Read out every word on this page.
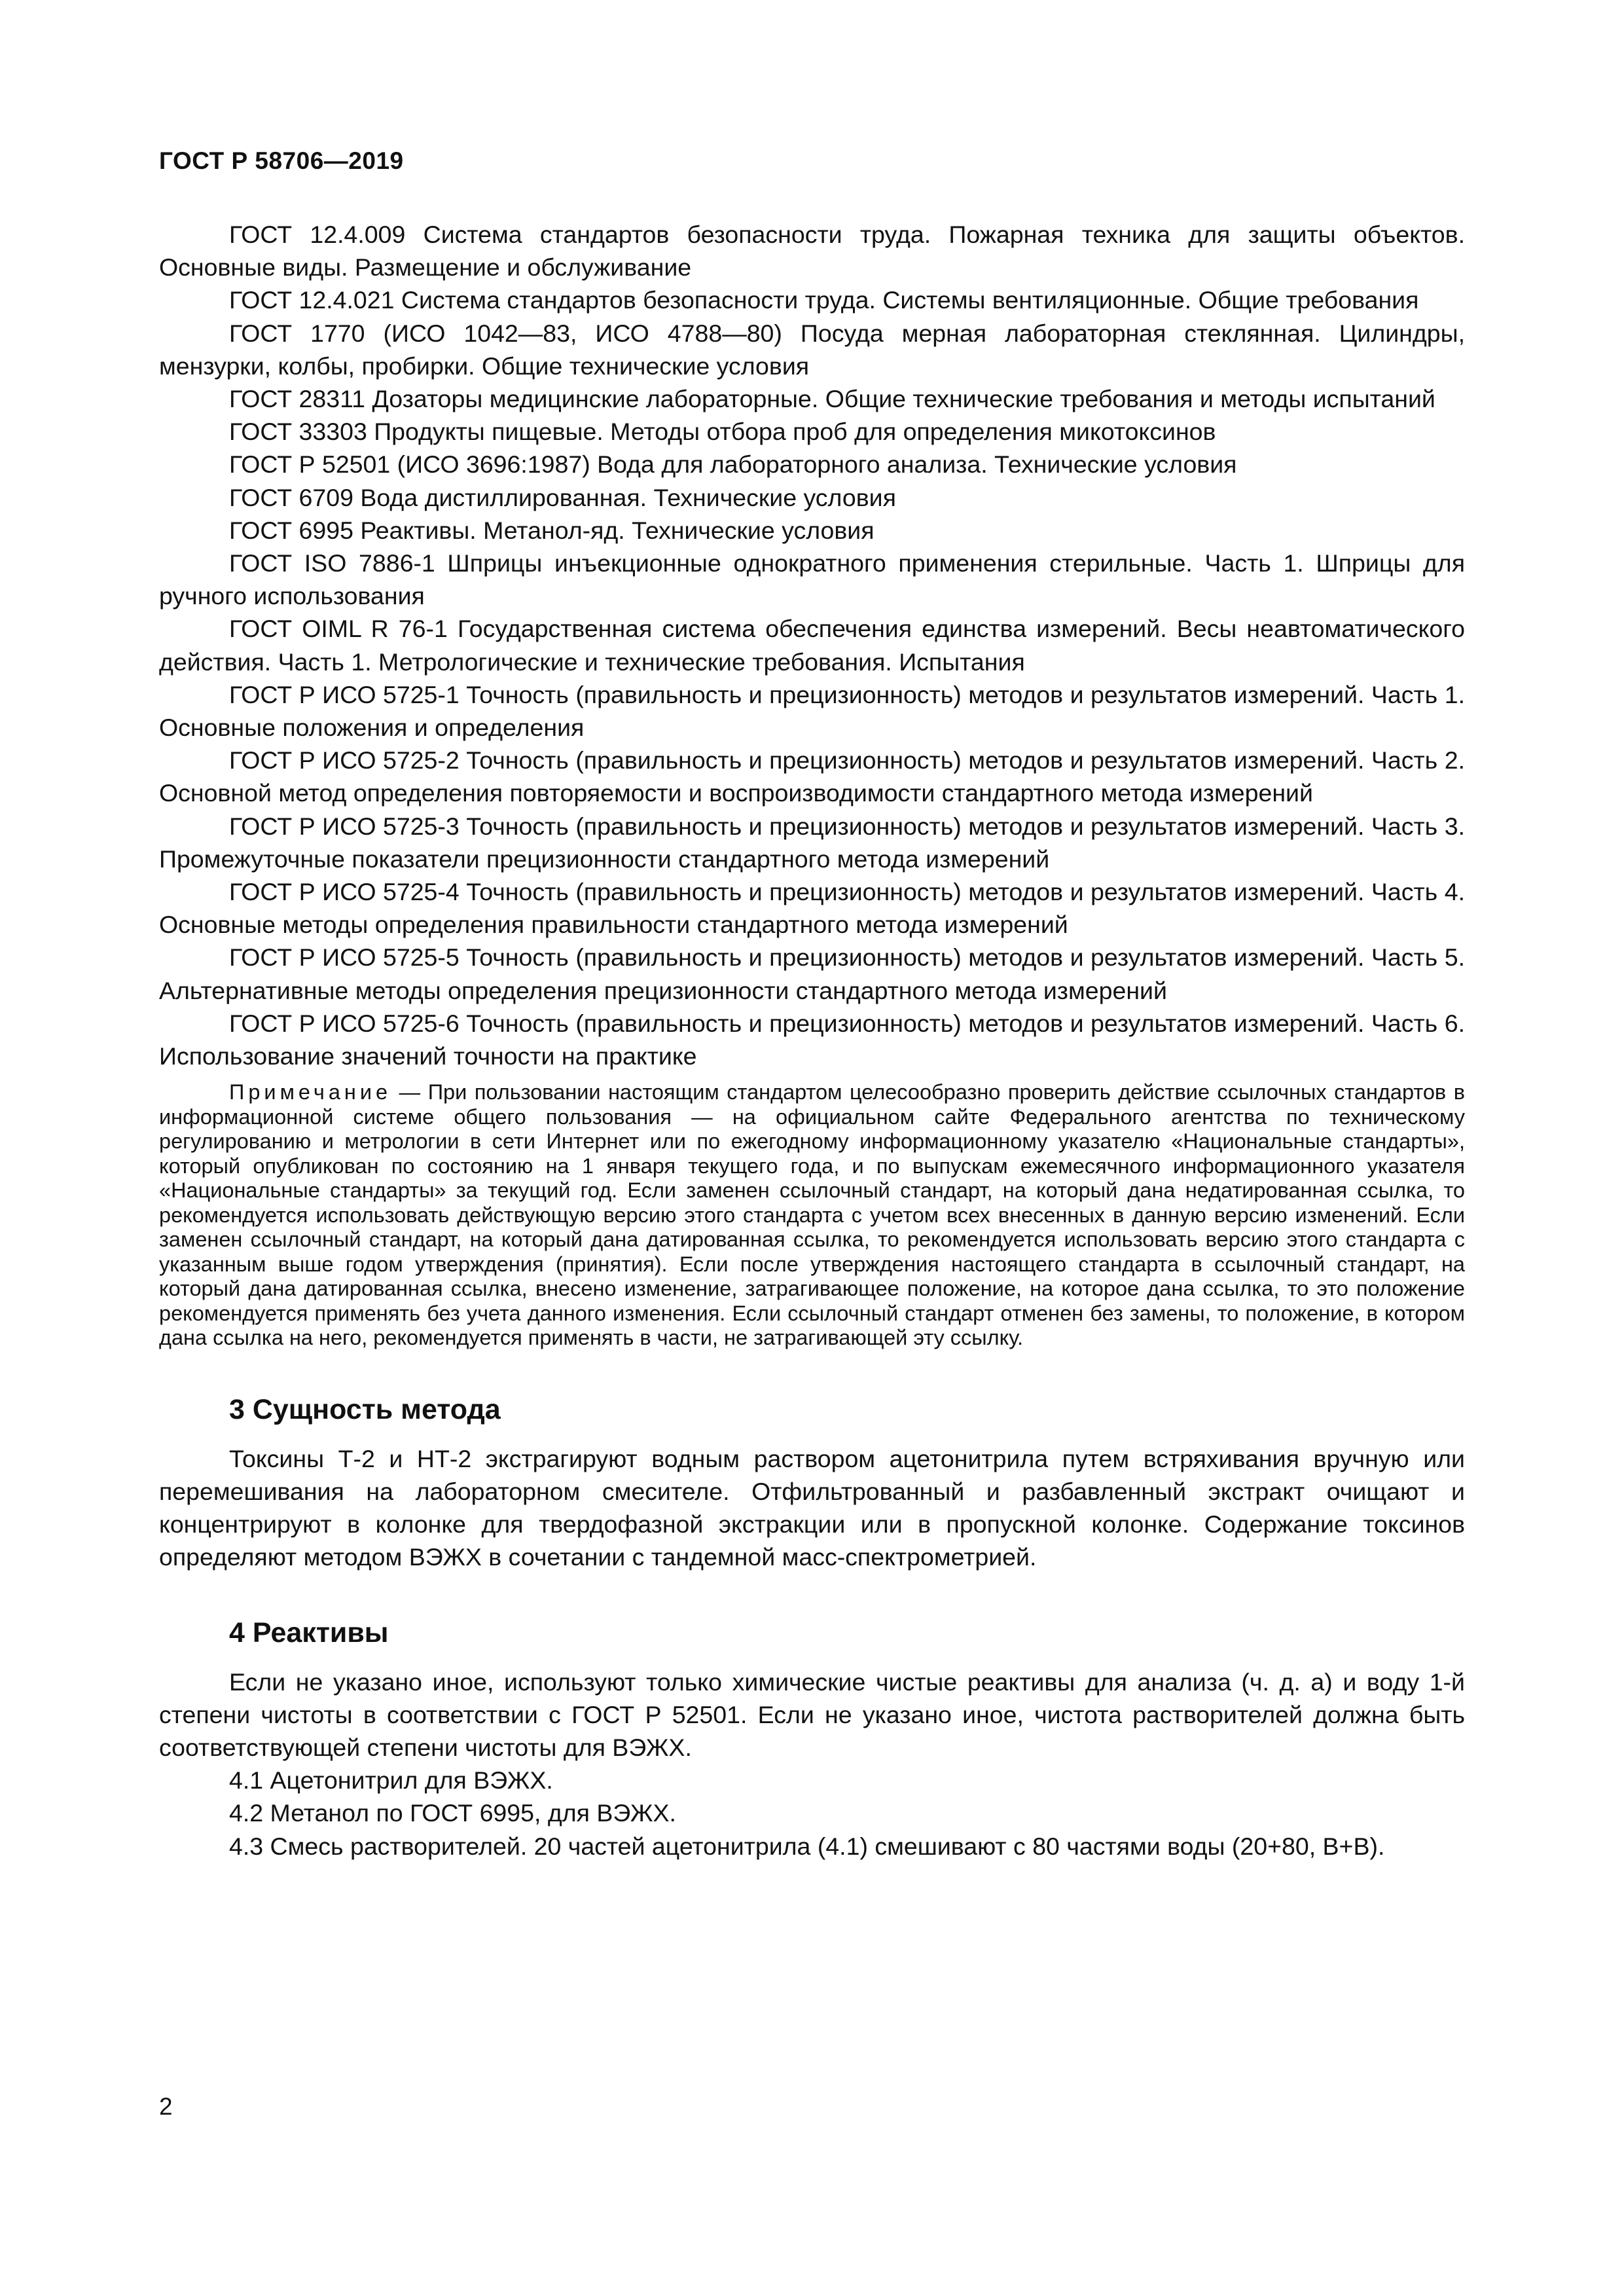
ГОСТ Р 58706—2019

ГОСТ 12.4.009 Система стандартов безопасности труда. Пожарная техника для защиты объектов. Основные виды. Размещение и обслуживание

ГОСТ 12.4.021 Система стандартов безопасности труда. Системы вентиляционные. Общие требования

ГОСТ 1770 (ИСО 1042—83, ИСО 4788—80) Посуда мерная лабораторная стеклянная. Цилиндры, мензурки, колбы, пробирки. Общие технические условия

ГОСТ 28311 Дозаторы медицинские лабораторные. Общие технические требования и методы испытаний

ГОСТ 33303 Продукты пищевые. Методы отбора проб для определения микотоксинов

ГОСТ Р 52501 (ИСО 3696:1987) Вода для лабораторного анализа. Технические условия

ГОСТ 6709 Вода дистиллированная. Технические условия

ГОСТ 6995 Реактивы. Метанол-яд. Технические условия

ГОСТ ISO 7886-1 Шприцы инъекционные однократного применения стерильные. Часть 1. Шприцы для ручного использования

ГОСТ OIML R 76-1 Государственная система обеспечения единства измерений. Весы неавтоматического действия. Часть 1. Метрологические и технические требования. Испытания

ГОСТ Р ИСО 5725-1 Точность (правильность и прецизионность) методов и результатов измерений. Часть 1. Основные положения и определения

ГОСТ Р ИСО 5725-2 Точность (правильность и прецизионность) методов и результатов измерений. Часть 2. Основной метод определения повторяемости и воспроизводимости стандартного метода измерений

ГОСТ Р ИСО 5725-3 Точность (правильность и прецизионность) методов и результатов измерений. Часть 3. Промежуточные показатели прецизионности стандартного метода измерений

ГОСТ Р ИСО 5725-4 Точность (правильность и прецизионность) методов и результатов измерений. Часть 4. Основные методы определения правильности стандартного метода измерений

ГОСТ Р ИСО 5725-5 Точность (правильность и прецизионность) методов и результатов измерений. Часть 5. Альтернативные методы определения прецизионности стандартного метода измерений

ГОСТ Р ИСО 5725-6 Точность (правильность и прецизионность) методов и результатов измерений. Часть 6. Использование значений точности на практике

Примечание — При пользовании настоящим стандартом целесообразно проверить действие ссылочных стандартов в информационной системе общего пользования — на официальном сайте Федерального агентства по техническому регулированию и метрологии в сети Интернет или по ежегодному информационному указателю «Национальные стандарты», который опубликован по состоянию на 1 января текущего года, и по выпускам ежемесячного информационного указателя «Национальные стандарты» за текущий год. Если заменен ссылочный стандарт, на который дана недатированная ссылка, то рекомендуется использовать действующую версию этого стандарта с учетом всех внесенных в данную версию изменений. Если заменен ссылочный стандарт, на который дана датированная ссылка, то рекомендуется использовать версию этого стандарта с указанным выше годом утверждения (принятия). Если после утверждения настоящего стандарта в ссылочный стандарт, на который дана датированная ссылка, внесено изменение, затрагивающее положение, на которое дана ссылка, то это положение рекомендуется применять без учета данного изменения. Если ссылочный стандарт отменен без замены, то положение, в котором дана ссылка на него, рекомендуется применять в части, не затрагивающей эту ссылку.

3 Сущность метода

Токсины Т-2 и НТ-2 экстрагируют водным раствором ацетонитрила путем встряхивания вручную или перемешивания на лабораторном смесителе. Отфильтрованный и разбавленный экстракт очищают и концентрируют в колонке для твердофазной экстракции или в пропускной колонке. Содержание токсинов определяют методом ВЭЖХ в сочетании с тандемной масс-спектрометрией.

4 Реактивы

Если не указано иное, используют только химические чистые реактивы для анализа (ч. д. а) и воду 1-й степени чистоты в соответствии с ГОСТ Р 52501. Если не указано иное, чистота растворителей должна быть соответствующей степени чистоты для ВЭЖХ.

4.1 Ацетонитрил для ВЭЖХ.

4.2 Метанол по ГОСТ 6995, для ВЭЖХ.

4.3 Смесь растворителей. 20 частей ацетонитрила (4.1) смешивают с 80 частями воды (20+80, В+В).

2
